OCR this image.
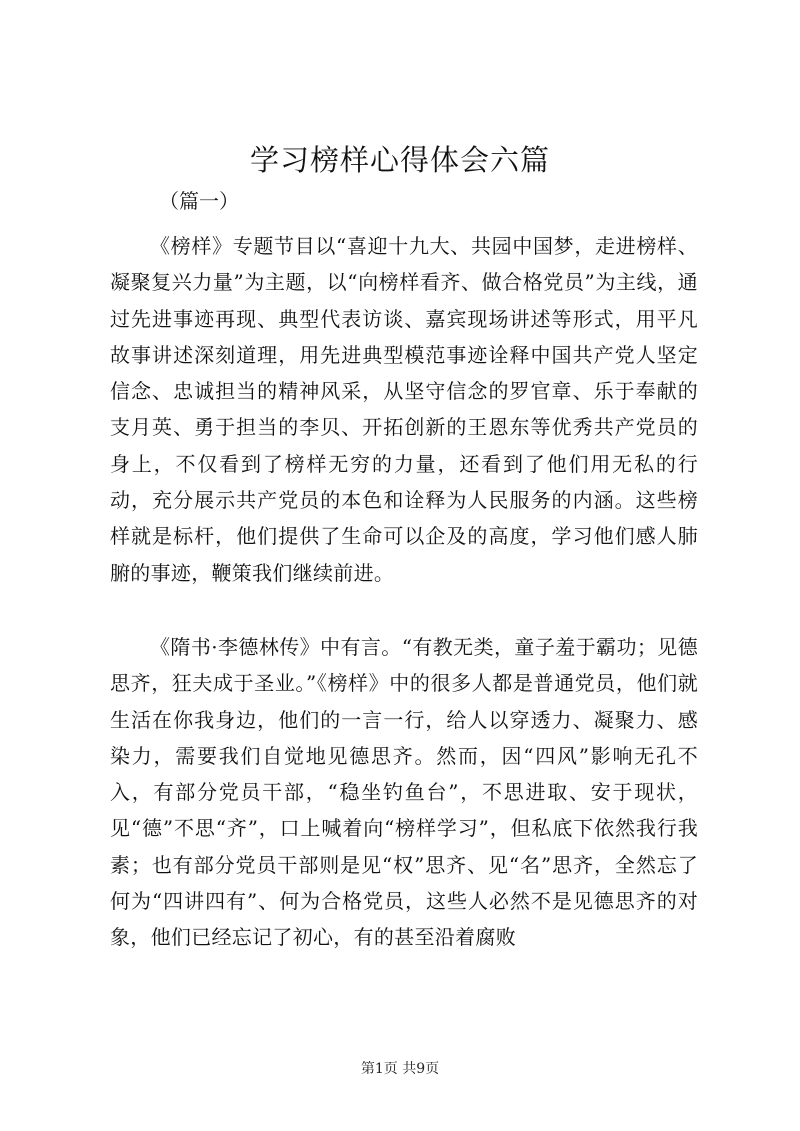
学习榜样心得体会六篇

（篇一）

《榜样》专题节目以“喜迎十九大、共园中国梦，走进榜样、凝聚复兴力量”为主题，以“向榜样看齐、做合格党员”为主线，通过先进事迹再现、典型代表访谈、嘉宾现场讲述等形式，用平凡故事讲述深刻道理，用先进典型模范事迹诠释中国共产党人坚定信念、忠诚担当的精神风采，从坚守信念的罗官章、乐于奉献的支月英、勇于担当的李贝、开拓创新的王恩东等优秀共产党员的身上，不仅看到了榜样无穷的力量，还看到了他们用无私的行动，充分展示共产党员的本色和诠释为人民服务的内涵。这些榜样就是标杆，他们提供了生命可以企及的高度，学习他们感人肺腑的事迹，鞭策我们继续前进。

《隋书·李德林传》中有言。“有教无类，童子羞于霸功；见德思齐，狂夫成于圣业。”《榜样》中的很多人都是普通党员，他们就生活在你我身边，他们的一言一行，给人以穿透力、凝聚力、感染力，需要我们自觉地见德思齐。然而，因“四风”影响无孔不入，有部分党员干部，“稳坐钓鱼台”，不思进取、安于现状，见“德”不思“齐”，口上喊着向“榜样学习”，但私底下依然我行我素；也有部分党员干部则是见“权”思齐、见“名”思齐，全然忘了何为“四讲四有”、何为合格党员，这些人必然不是见德思齐的对象，他们已经忘记了初心，有的甚至沿着腐败

第1页 共9页
